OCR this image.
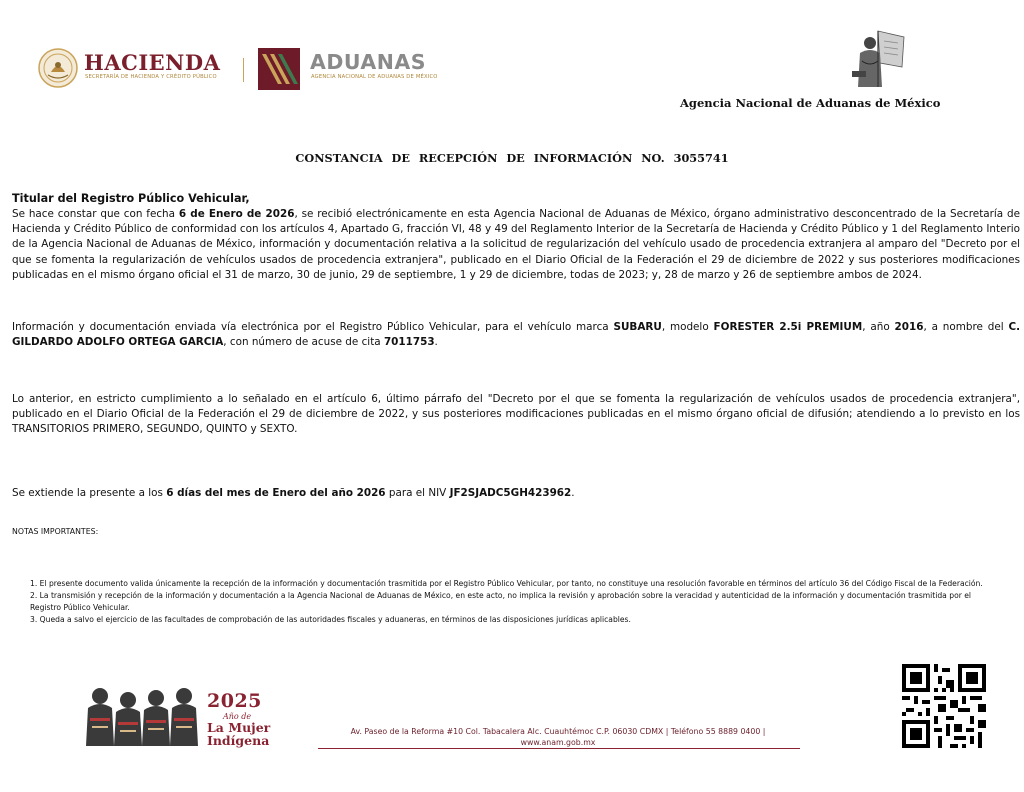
HACIENDA
SECRETARÍA DE HACIENDA Y CRÉDITO PÚBLICO
ADUANAS
AGENCIA NACIONAL DE ADUANAS DE MÉXICO
Agencia Nacional de Aduanas de México
CONSTANCIA DE RECEPCIÓN DE INFORMACIÓN NO. 3055741
Titular del Registro Público Vehicular,
Se hace constar que con fecha 6 de Enero de 2026, se recibió electrónicamente en esta Agencia Nacional de Aduanas de México, órgano administrativo desconcentrado de la Secretaría de Hacienda y Crédito Público de conformidad con los artículos 4, Apartado G, fracción VI, 48 y 49 del Reglamento Interior de la Secretaría de Hacienda y Crédito Público y 1 del Reglamento Interio de la Agencia Nacional de Aduanas de México, información y documentación relativa a la solicitud de regularización del vehículo usado de procedencia extranjera al amparo del "Decreto por el que se fomenta la regularización de vehículos usados de procedencia extranjera", publicado en el Diario Oficial de la Federación el 29 de diciembre de 2022 y sus posteriores modificaciones publicadas en el mismo órgano oficial el 31 de marzo, 30 de junio, 29 de septiembre, 1 y 29 de diciembre, todas de 2023; y, 28 de marzo y 26 de septiembre ambos de 2024.
Información y documentación enviada vía electrónica por el Registro Público Vehicular, para el vehículo marca SUBARU, modelo FORESTER 2.5i PREMIUM, año 2016, a nombre del C. GILDARDO ADOLFO ORTEGA GARCIA, con número de acuse de cita 7011753.
Lo anterior, en estricto cumplimiento a lo señalado en el artículo 6, último párrafo del "Decreto por el que se fomenta la regularización de vehículos usados de procedencia extranjera", publicado en el Diario Oficial de la Federación el 29 de diciembre de 2022, y sus posteriores modificaciones publicadas en el mismo órgano oficial de difusión; atendiendo a lo previsto en los TRANSITORIOS PRIMERO, SEGUNDO, QUINTO y SEXTO.
Se extiende la presente a los 6 días del mes de Enero del año 2026 para el NIV JF2SJADC5GH423962.
NOTAS IMPORTANTES:
1. El presente documento valida únicamente la recepción de la información y documentación trasmitida por el Registro Público Vehicular, por tanto, no constituye una resolución favorable en términos del artículo 36 del Código Fiscal de la Federación.
2. La transmisión y recepción de la información y documentación a la Agencia Nacional de Aduanas de México, en este acto, no implica la revisión y aprobación sobre la veracidad y autenticidad de la información y documentación trasmitida por el Registro Público Vehicular.
3. Queda a salvo el ejercicio de las facultades de comprobación de las autoridades fiscales y aduaneras, en términos de las disposiciones jurídicas aplicables.
2025
Año de
La Mujer Indígena
Av. Paseo de la Reforma #10 Col. Tabacalera Alc. Cuauhtémoc C.P. 06030 CDMX | Teléfono 55 8889 0400 |
www.anam.gob.mx
